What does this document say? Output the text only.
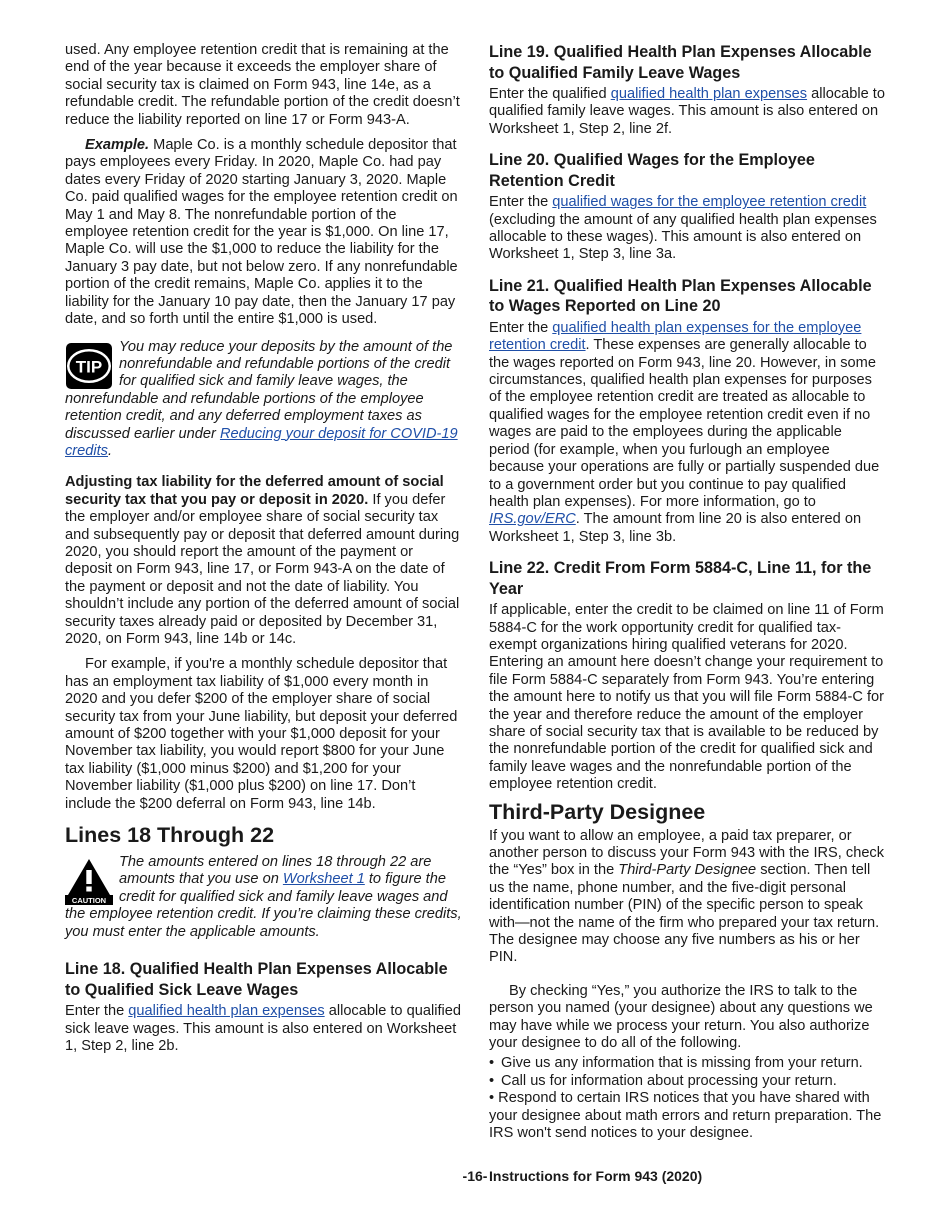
used. Any employee retention credit that is remaining at the end of the year because it exceeds the employer share of social security tax is claimed on Form 943, line 14e, as a refundable credit. The refundable portion of the credit doesn’t reduce the liability reported on line 17 or Form 943-A.

Example. Maple Co. is a monthly schedule depositor that pays employees every Friday. In 2020, Maple Co. had pay dates every Friday of 2020 starting January 3, 2020. Maple Co. paid qualified wages for the employee retention credit on May 1 and May 8. The nonrefundable portion of the employee retention credit for the year is $1,000. On line 17, Maple Co. will use the $1,000 to reduce the liability for the January 3 pay date, but not below zero. If any nonrefundable portion of the credit remains, Maple Co. applies it to the liability for the January 10 pay date, then the January 17 pay date, and so forth until the entire $1,000 is used.

TIP

You may reduce your deposits by the amount of the nonrefundable and refundable portions of the credit for qualified sick and family leave wages, the nonrefundable and refundable portions of the employee retention credit, and any deferred employment taxes as discussed earlier under Reducing your deposit for COVID-19 credits.

Adjusting tax liability for the deferred amount of social security tax that you pay or deposit in 2020. If you defer the employer and/or employee share of social security tax and subsequently pay or deposit that deferred amount during 2020, you should report the amount of the payment or deposit on Form 943, line 17, or Form 943-A on the date of the payment or deposit and not the date of liability. You shouldn’t include any portion of the deferred amount of social security taxes already paid or deposited by December 31, 2020, on Form 943, line 14b or 14c.

For example, if you're a monthly schedule depositor that has an employment tax liability of $1,000 every month in 2020 and you defer $200 of the employer share of social security tax from your June liability, but deposit your deferred amount of $200 together with your $1,000 deposit for your November tax liability, you would report $800 for your June tax liability ($1,000 minus $200) and $1,200 for your November liability ($1,000 plus $200) on line 17. Don’t include the $200 deferral on Form 943, line 14b.

Lines 18 Through 22
CAUTION

The amounts entered on lines 18 through 22 are amounts that you use on Worksheet 1 to figure the credit for qualified sick and family leave wages and the employee retention credit. If you’re claiming these credits, you must enter the applicable amounts.

Line 18. Qualified Health Plan Expenses Allocable to Qualified Sick Leave Wages

Enter the qualified health plan expenses allocable to qualified sick leave wages. This amount is also entered on Worksheet 1, Step 2, line 2b.

Line 19. Qualified Health Plan Expenses Allocable to Qualified Family Leave Wages

Enter the qualified qualified health plan expenses allocable to qualified family leave wages. This amount is also entered on Worksheet 1, Step 2, line 2f.

Line 20. Qualified Wages for the Employee Retention Credit

Enter the qualified wages for the employee retention credit (excluding the amount of any qualified health plan expenses allocable to these wages). This amount is also entered on Worksheet 1, Step 3, line 3a.

Line 21. Qualified Health Plan Expenses Allocable to Wages Reported on Line 20

Enter the qualified health plan expenses for the employee retention credit. These expenses are generally allocable to the wages reported on Form 943, line 20. However, in some circumstances, qualified health plan expenses for purposes of the employee retention credit are treated as allocable to qualified wages for the employee retention credit even if no wages are paid to the employees during the applicable period (for example, when you furlough an employee because your operations are fully or partially suspended due to a government order but you continue to pay qualified health plan expenses). For more information, go to IRS.gov/ERC. The amount from line 20 is also entered on Worksheet 1, Step 3, line 3b.

Line 22. Credit From Form 5884-C, Line 11, for the Year

If applicable, enter the credit to be claimed on line 11 of Form 5884-C for the work opportunity credit for qualified tax-exempt organizations hiring qualified veterans for 2020. Entering an amount here doesn’t change your requirement to file Form 5884-C separately from Form 943. You’re entering the amount here to notify us that you will file Form 5884-C for the year and therefore reduce the amount of the employer share of social security tax that is available to be reduced by the nonrefundable portion of the credit for qualified sick and family leave wages and the nonrefundable portion of the employee retention credit.

Third-Party Designee

If you want to allow an employee, a paid tax preparer, or another person to discuss your Form 943 with the IRS, check the “Yes” box in the Third-Party Designee section. Then tell us the name, phone number, and the five-digit personal identification number (PIN) of the specific person to speak with—not the name of the firm who prepared your tax return. The designee may choose any five numbers as his or her PIN.

By checking “Yes,” you authorize the IRS to talk to the person you named (your designee) about any questions we may have while we process your return. You also authorize your designee to do all of the following.

• Give us any information that is missing from your return.
• Call us for information about processing your return.
• Respond to certain IRS notices that you have shared with your designee about math errors and return preparation. The IRS won't send notices to your designee.
-16- Instructions for Form 943 (2020)
